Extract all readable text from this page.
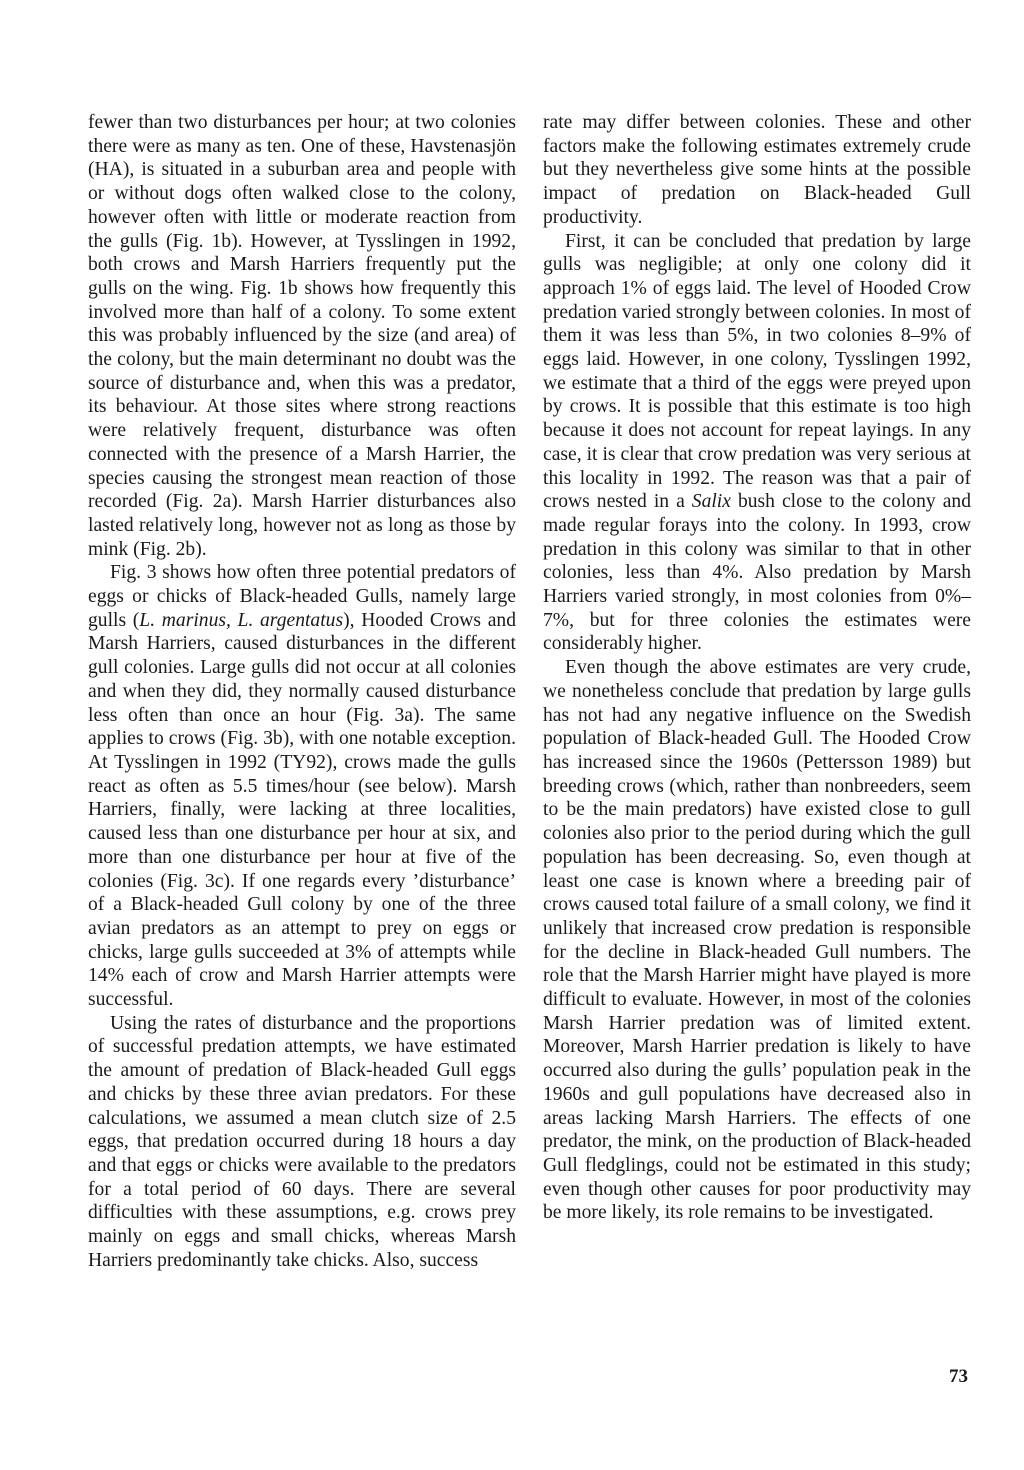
fewer than two disturbances per hour; at two colonies there were as many as ten. One of these, Havstenasjön (HA), is situated in a suburban area and people with or without dogs often walked close to the colony, however often with little or moderate reaction from the gulls (Fig. 1b). However, at Tysslingen in 1992, both crows and Marsh Harriers frequently put the gulls on the wing. Fig. 1b shows how frequently this involved more than half of a colony. To some extent this was probably influenced by the size (and area) of the colony, but the main determinant no doubt was the source of disturbance and, when this was a predator, its behaviour. At those sites where strong reactions were relatively frequent, disturbance was often connected with the presence of a Marsh Harrier, the species causing the strongest mean reaction of those recorded (Fig. 2a). Marsh Harrier disturbances also lasted relatively long, however not as long as those by mink (Fig. 2b).

Fig. 3 shows how often three potential predators of eggs or chicks of Black-headed Gulls, namely large gulls (L. marinus, L. argentatus), Hooded Crows and Marsh Harriers, caused disturbances in the different gull colonies. Large gulls did not occur at all colonies and when they did, they normally caused disturbance less often than once an hour (Fig. 3a). The same applies to crows (Fig. 3b), with one notable exception. At Tysslingen in 1992 (TY92), crows made the gulls react as often as 5.5 times/hour (see below). Marsh Harriers, finally, were lacking at three localities, caused less than one disturbance per hour at six, and more than one disturbance per hour at five of the colonies (Fig. 3c). If one regards every ’disturbance’ of a Black-headed Gull colony by one of the three avian predators as an attempt to prey on eggs or chicks, large gulls succeeded at 3% of attempts while 14% each of crow and Marsh Harrier attempts were successful.

Using the rates of disturbance and the proportions of successful predation attempts, we have estimated the amount of predation of Black-headed Gull eggs and chicks by these three avian predators. For these calculations, we assumed a mean clutch size of 2.5 eggs, that predation occurred during 18 hours a day and that eggs or chicks were available to the predators for a total period of 60 days. There are several difficulties with these assumptions, e.g. crows prey mainly on eggs and small chicks, whereas Marsh Harriers predominantly take chicks. Also, success

rate may differ between colonies. These and other factors make the following estimates extremely crude but they nevertheless give some hints at the possible impact of predation on Black-headed Gull productivity.

First, it can be concluded that predation by large gulls was negligible; at only one colony did it approach 1% of eggs laid. The level of Hooded Crow predation varied strongly between colonies. In most of them it was less than 5%, in two colonies 8–9% of eggs laid. However, in one colony, Tysslingen 1992, we estimate that a third of the eggs were preyed upon by crows. It is possible that this estimate is too high because it does not account for repeat layings. In any case, it is clear that crow predation was very serious at this locality in 1992. The reason was that a pair of crows nested in a Salix bush close to the colony and made regular forays into the colony. In 1993, crow predation in this colony was similar to that in other colonies, less than 4%. Also predation by Marsh Harriers varied strongly, in most colonies from 0%–7%, but for three colonies the estimates were considerably higher.

Even though the above estimates are very crude, we nonetheless conclude that predation by large gulls has not had any negative influence on the Swedish population of Black-headed Gull. The Hooded Crow has increased since the 1960s (Pettersson 1989) but breeding crows (which, rather than nonbreeders, seem to be the main predators) have existed close to gull colonies also prior to the period during which the gull population has been decreasing. So, even though at least one case is known where a breeding pair of crows caused total failure of a small colony, we find it unlikely that increased crow predation is responsible for the decline in Black-headed Gull numbers. The role that the Marsh Harrier might have played is more difficult to evaluate. However, in most of the colonies Marsh Harrier predation was of limited extent. Moreover, Marsh Harrier predation is likely to have occurred also during the gulls’ population peak in the 1960s and gull populations have decreased also in areas lacking Marsh Harriers. The effects of one predator, the mink, on the production of Black-headed Gull fledglings, could not be estimated in this study; even though other causes for poor productivity may be more likely, its role remains to be investigated.

73
